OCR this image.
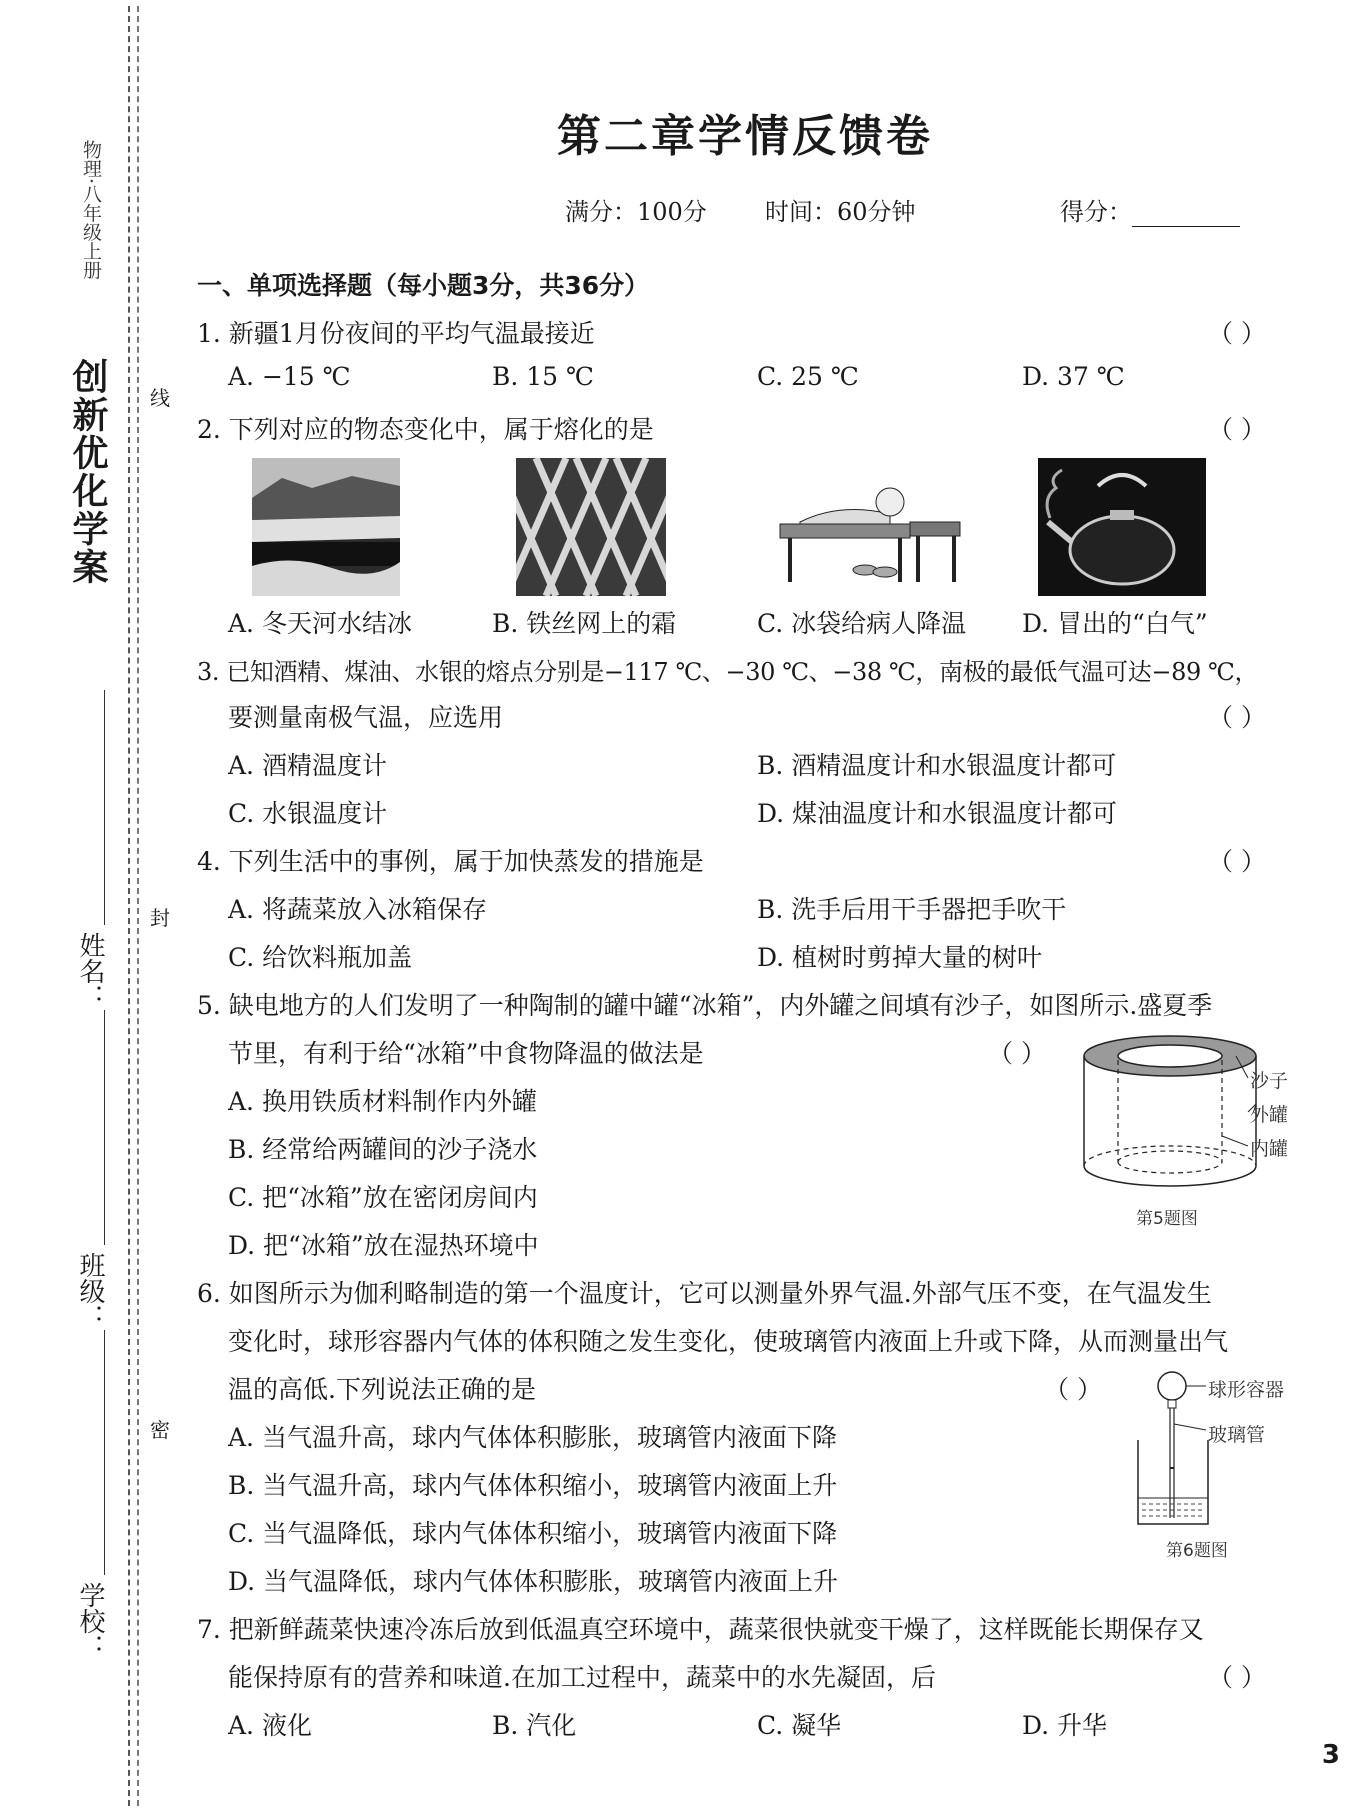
创新优化学案
物理·八年级上册
姓名：
班级：
学校：
线
封
密
第二章学情反馈卷
满分：100分 时间：60分钟	得分：
一、单项选择题（每小题3分，共36分）
1. 新疆1月份夜间的平均气温最接近	（ ）
A. −15 ℃	B. 15 ℃	C. 25 ℃	D. 37 ℃
2. 下列对应的物态变化中，属于熔化的是	（ ）
A. 冬天河水结冰	B. 铁丝网上的霜	C. 冰袋给病人降温 D. 冒出的“白气”
3. 已知酒精、煤油、水银的熔点分别是−117 ℃、−30 ℃、−38 ℃，南极的最低气温可达−89 ℃，
要测量南极气温，应选用	（ ）
A. 酒精温度计	B. 酒精温度计和水银温度计都可
C. 水银温度计	D. 煤油温度计和水银温度计都可
4. 下列生活中的事例，属于加快蒸发的措施是	（ ）
A. 将蔬菜放入冰箱保存	B. 洗手后用干手器把手吹干
C. 给饮料瓶加盖	D. 植树时剪掉大量的树叶
5. 缺电地方的人们发明了一种陶制的罐中罐“冰箱”，内外罐之间填有沙子，如图所示.盛夏季
节里，有利于给“冰箱”中食物降温的做法是	（ ）
A. 换用铁质材料制作内外罐
B. 经常给两罐间的沙子浇水
C. 把“冰箱”放在密闭房间内
D. 把“冰箱”放在湿热环境中
沙子
外罐
内罐
第5题图
6. 如图所示为伽利略制造的第一个温度计，它可以测量外界气温.外部气压不变，在气温发生
变化时，球形容器内气体的体积随之发生变化，使玻璃管内液面上升或下降，从而测量出气
温的高低.下列说法正确的是	（ ）
A. 当气温升高，球内气体体积膨胀，玻璃管内液面下降
B. 当气温升高，球内气体体积缩小，玻璃管内液面上升
C. 当气温降低，球内气体体积缩小，玻璃管内液面下降
D. 当气温降低，球内气体体积膨胀，玻璃管内液面上升
球形容器
玻璃管
第6题图
7. 把新鲜蔬菜快速冷冻后放到低温真空环境中，蔬菜很快就变干燥了，这样既能长期保存又
能保持原有的营养和味道.在加工过程中，蔬菜中的水先凝固，后	（ ）
A. 液化	B. 汽化	C. 凝华	D. 升华
3
